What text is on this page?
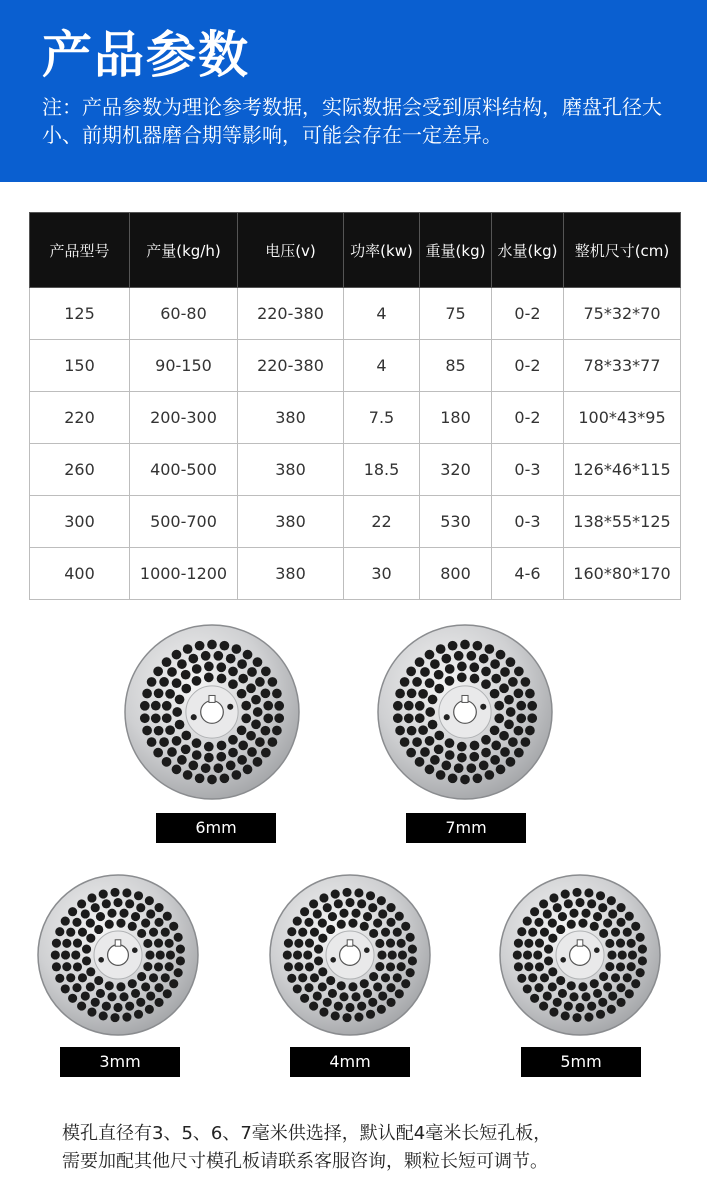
产品参数
注：产品参数为理论参考数据，实际数据会受到原料结构，磨盘孔径大小、前期机器磨合期等影响，可能会存在一定差异。
产品型号	产量(kg/h)	电压(v)	功率(kw)	重量(kg)	水量(kg)	整机尺寸(cm)
125	60-80	220-380	4	75	0-2	75*32*70
150	90-150	220-380	4	85	0-2	78*33*77
220	200-300	380	7.5	180	0-2	100*43*95
260	400-500	380	18.5	320	0-3	126*46*115
300	500-700	380	22	530	0-3	138*55*125
400	1000-1200	380	30	800	4-6	160*80*170
6mm	7mm
3mm	4mm	5mm
模孔直径有3、5、6、7毫米供选择，默认配4毫米长短孔板，
需要加配其他尺寸模孔板请联系客服咨询，颗粒长短可调节。
